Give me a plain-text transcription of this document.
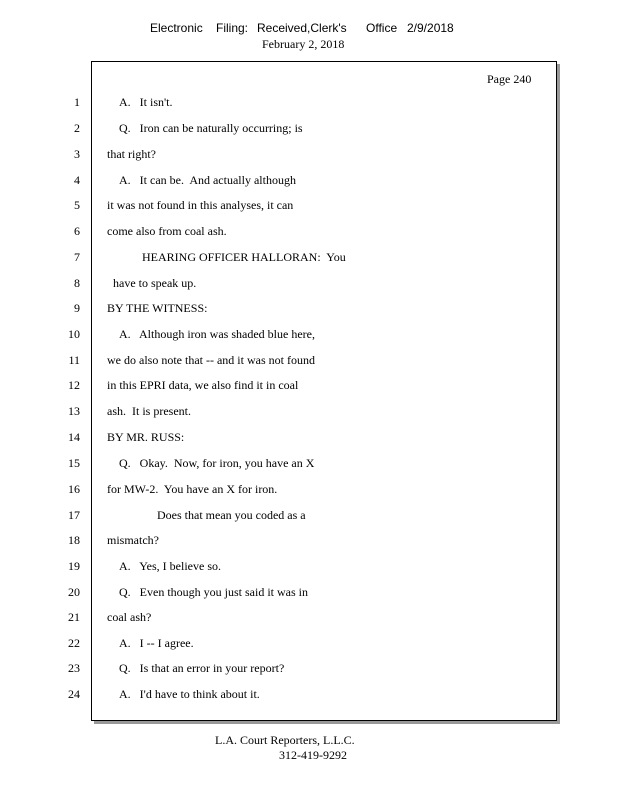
Electronic Filing: Received,Clerk's Office 2/9/2018
February 2, 2018
Page 240
1	A.   It isn't.
2	Q.   Iron can be naturally occurring; is
3 that right?
4	A.   It can be.  And actually although
5 it was not found in this analyses, it can
6 come also from coal ash.
7	HEARING OFFICER HALLORAN:  You
8	have to speak up.
9 BY THE WITNESS:
10	A.   Although iron was shaded blue here,
11 we do also note that -- and it was not found
12 in this EPRI data, we also find it in coal
13 ash.  It is present.
14 BY MR. RUSS:
15	Q.   Okay.  Now, for iron, you have an X
16 for MW-2.  You have an X for iron.
17	Does that mean you coded as a
18 mismatch?
19	A.   Yes, I believe so.
20	Q.   Even though you just said it was in
21 coal ash?
22	A.   I -- I agree.
23	Q.   Is that an error in your report?
24	A.   I'd have to think about it.
L.A. Court Reporters, L.L.C.
312-419-9292
